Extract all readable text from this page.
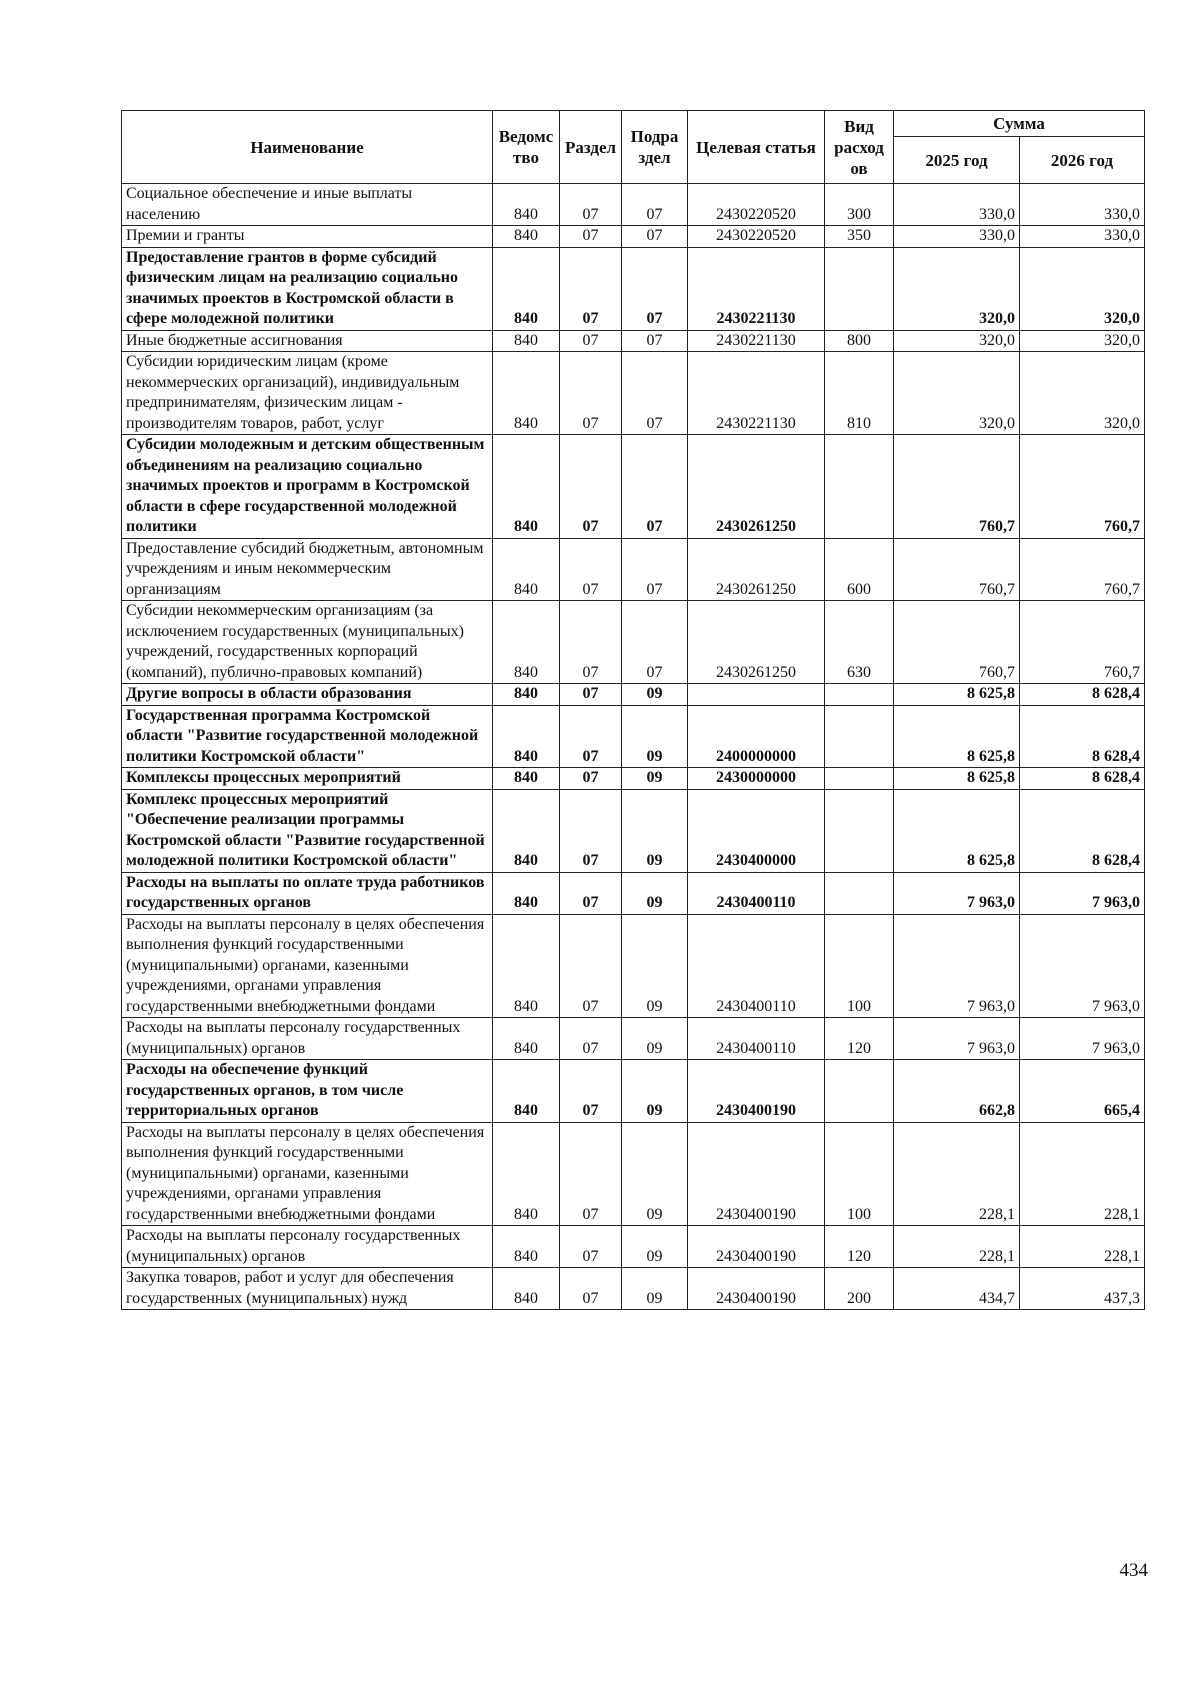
Наименование	Ведомс тво	Раздел	Подра здел	Целевая статья	Вид расход ов	Сумма	
						2025 год	2026 год
Социальное обеспечение и иные выплаты населению	840	07	07	2430220520	300	330,0	330,0
Премии и гранты	840	07	07	2430220520	350	330,0	330,0
Предоставление грантов в форме субсидий физическим лицам на реализацию социально значимых проектов в Костромской области в сфере молодежной политики	840	07	07	2430221130		320,0	320,0
Иные бюджетные ассигнования	840	07	07	2430221130	800	320,0	320,0
Субсидии юридическим лицам (кроме некоммерческих организаций), индивидуальным предпринимателям, физическим лицам - производителям товаров, работ, услуг	840	07	07	2430221130	810	320,0	320,0
Субсидии молодежным и детским общественным объединениям на реализацию социально значимых проектов и программ в Костромской области в сфере государственной молодежной политики	840	07	07	2430261250		760,7	760,7
Предоставление субсидий бюджетным, автономным учреждениям и иным некоммерческим организациям	840	07	07	2430261250	600	760,7	760,7
Субсидии некоммерческим организациям (за исключением государственных (муниципальных) учреждений, государственных корпораций (компаний), публично-правовых компаний)	840	07	07	2430261250	630	760,7	760,7
Другие вопросы в области образования	840	07	09			8 625,8	8 628,4
Государственная программа Костромской области "Развитие государственной молодежной политики Костромской области"	840	07	09	2400000000		8 625,8	8 628,4
Комплексы процессных мероприятий	840	07	09	2430000000		8 625,8	8 628,4
Комплекс процессных мероприятий "Обеспечение реализации программы Костромской области "Развитие государственной молодежной политики Костромской области"	840	07	09	2430400000		8 625,8	8 628,4
Расходы на выплаты по оплате труда работников государственных органов	840	07	09	2430400110		7 963,0	7 963,0
Расходы на выплаты персоналу в целях обеспечения выполнения функций государственными (муниципальными) органами, казенными учреждениями, органами управления государственными внебюджетными фондами	840	07	09	2430400110	100	7 963,0	7 963,0
Расходы на выплаты персоналу государственных (муниципальных) органов	840	07	09	2430400110	120	7 963,0	7 963,0
Расходы на обеспечение функций государственных органов, в том числе территориальных органов	840	07	09	2430400190		662,8	665,4
Расходы на выплаты персоналу в целях обеспечения выполнения функций государственными (муниципальными) органами, казенными учреждениями, органами управления государственными внебюджетными фондами	840	07	09	2430400190	100	228,1	228,1
Расходы на выплаты персоналу государственных (муниципальных) органов	840	07	09	2430400190	120	228,1	228,1
Закупка товаров, работ и услуг для обеспечения государственных (муниципальных) нужд	840	07	09	2430400190	200	434,7	437,3
434
